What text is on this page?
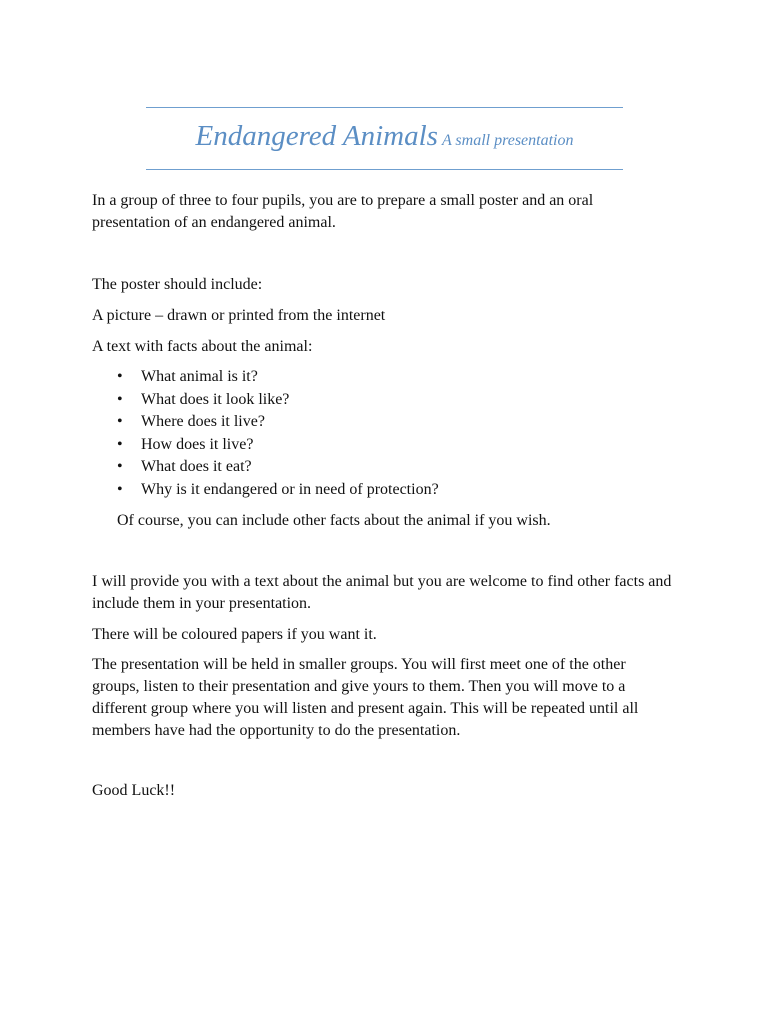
Endangered Animals A small presentation

In a group of three to four pupils, you are to prepare a small poster and an oral presentation of an endangered animal.

The poster should include:

A picture – drawn or printed from the internet

A text with facts about the animal:

• What animal is it?
• What does it look like?
• Where does it live?
• How does it live?
• What does it eat?
• Why is it endangered or in need of protection?

Of course, you can include other facts about the animal if you wish.

I will provide you with a text about the animal but you are welcome to find other facts and include them in your presentation.

There will be coloured papers if you want it.

The presentation will be held in smaller groups. You will first meet one of the other groups, listen to their presentation and give yours to them. Then you will move to a different group where you will listen and present again. This will be repeated until all members have had the opportunity to do the presentation.

Good Luck!!
